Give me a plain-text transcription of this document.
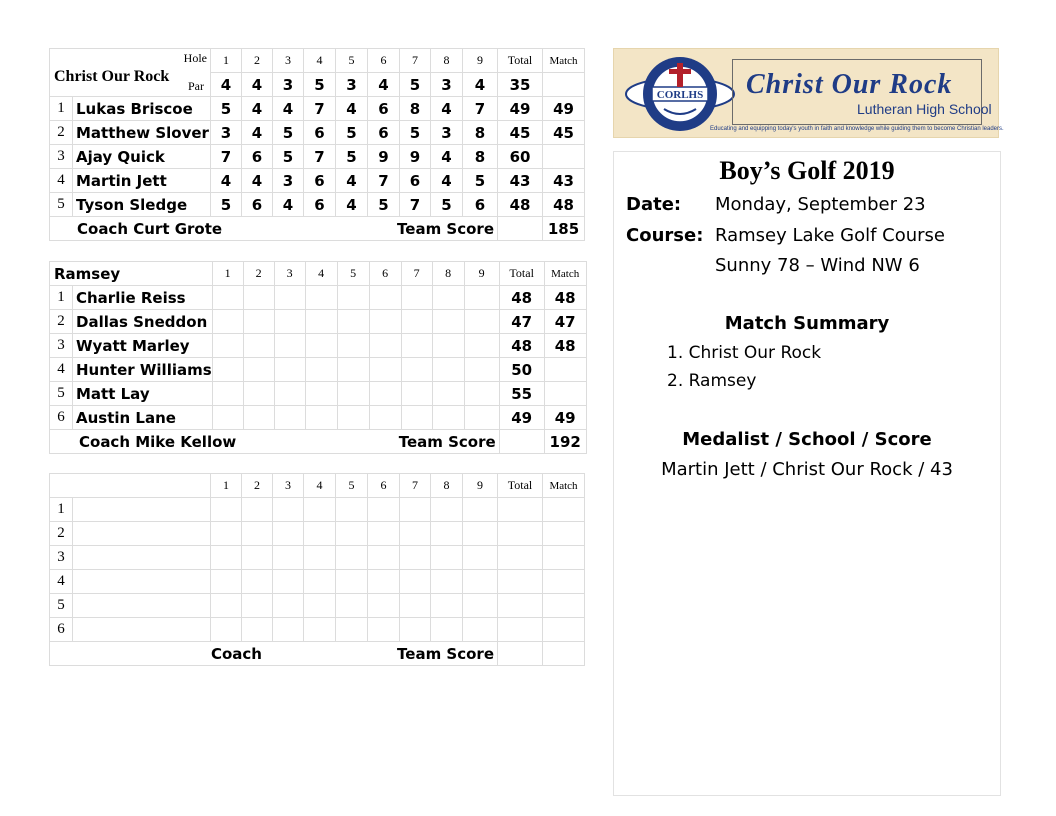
Christ Our Rock
Hole
Par		1	2	3	4	5	6	7	8	9	Total	Match
		4	4	3	5	3	4	5	3	4	35	
1	Lukas Briscoe	5	4	4	7	4	6	8	4	7	49	49
2	Matthew Slover	3	4	5	6	5	6	5	3	8	45	45
3	Ajay Quick	7	6	5	7	5	9	9	4	8	60	
4	Martin Jett	4	4	3	6	4	7	6	4	5	43	43
5	Tyson Sledge	5	6	4	6	4	5	7	5	6	48	48
	Coach Curt Grote			Team Score								185
Ramsey		1	2	3	4	5	6	7	8	9	Total	Match
1	Charlie Reiss										48	48
2	Dallas Sneddon										47	47
3	Wyatt Marley										48	48
4	Hunter Williams										50	
5	Matt Lay										55	
6	Austin Lane										49	49
	Coach Mike Kellow			Team Score								192
		1	2	3	4	5	6	7	8	9	Total	Match
1												
2												
3												
4												
5												
6												
	Coach			Team Score								
CORLHS Christ Our Rock
Lutheran High School
Educating and equipping today's youth in faith and knowledge while guiding them to become Christian leaders.
Boy’s Golf 2019
Date: Monday, September 23
Course: Ramsey Lake Golf Course
Sunny 78 – Wind NW 6
Match Summary
1. Christ Our Rock
2. Ramsey
Medalist / School / Score
Martin Jett / Christ Our Rock / 43
